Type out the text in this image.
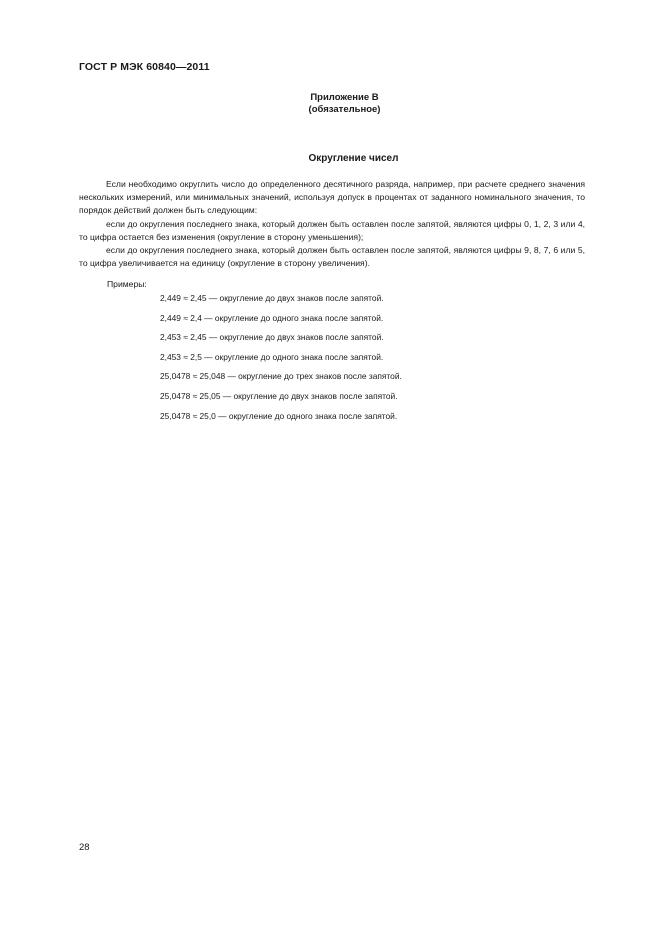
ГОСТ Р МЭК 60840—2011
Приложение В
(обязательное)
Округление чисел

Если необходимо округлить число до определенного десятичного разряда, например, при расчете среднего значения нескольких измерений, или минимальных значений, используя допуск в процентах от заданного номинального значения, то порядок действий должен быть следующим:

если до округления последнего знака, который должен быть оставлен после запятой, являются цифры 0, 1, 2, 3 или 4, то цифра остается без изменения (округление в сторону уменьшения);

если до округления последнего знака, который должен быть оставлен после запятой, являются цифры 9, 8, 7, 6 или 5, то цифра увеличивается на единицу (округление в сторону увеличения).

Примеры:
2,449 ≈ 2,45 — округление до двух знаков после запятой.
2,449 ≈ 2,4 — округление до одного знака после запятой.
2,453 ≈ 2,45 — округление до двух знаков после запятой.
2,453 ≈ 2,5 — округление до одного знака после запятой.
25,0478 ≈ 25,048 — округление до трех знаков после запятой.
25,0478 ≈ 25,05 — округление до двух знаков после запятой.
25,0478 ≈ 25,0 — округление до одного знака после запятой.
28
